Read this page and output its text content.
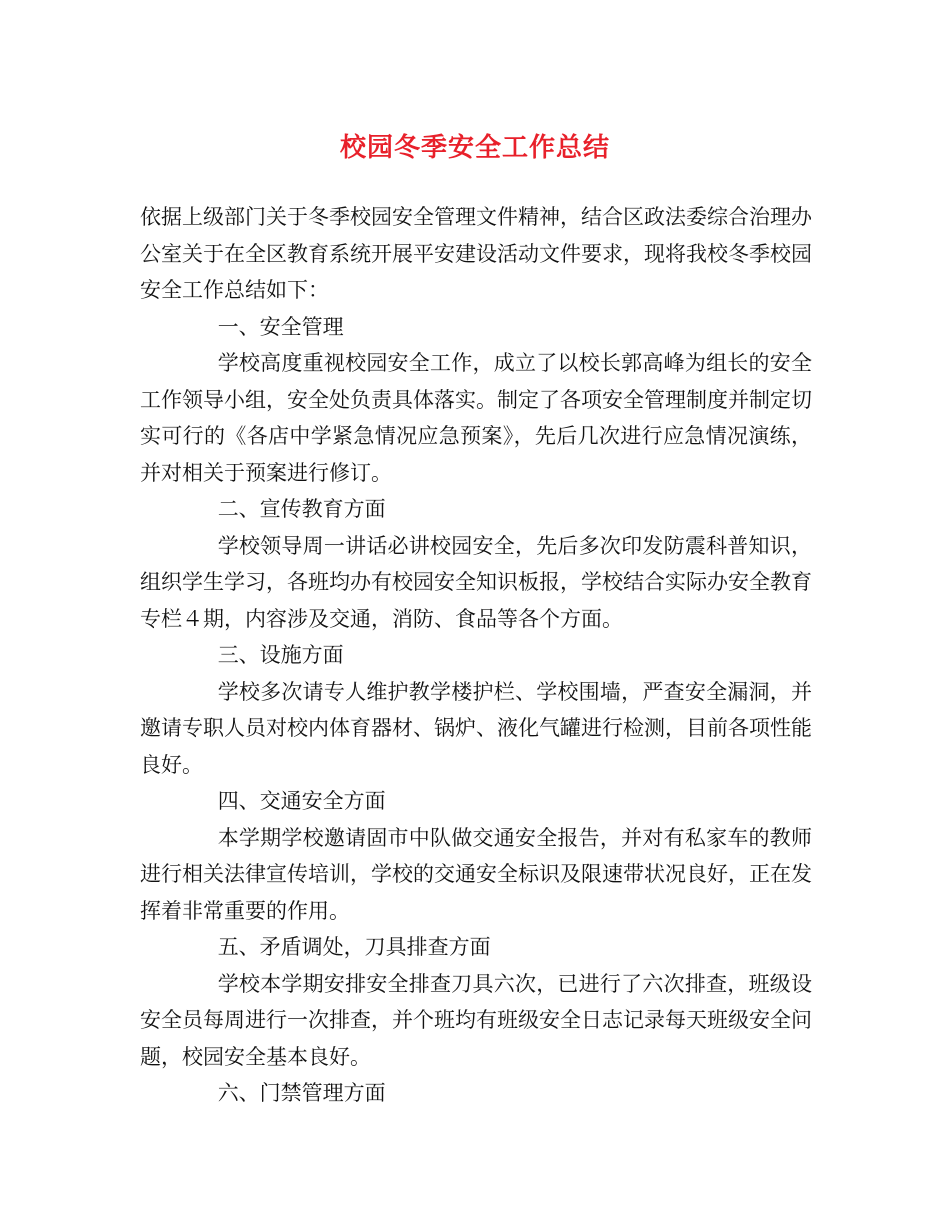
校园冬季安全工作总结

依据上级部门关于冬季校园安全管理文件精神，结合区政法委综合治理办公室关于在全区教育系统开展平安建设活动文件要求，现将我校冬季校园安全工作总结如下：

一、安全管理

学校高度重视校园安全工作，成立了以校长郭高峰为组长的安全工作领导小组，安全处负责具体落实。制定了各项安全管理制度并制定切实可行的《各店中学紧急情况应急预案》，先后几次进行应急情况演练，并对相关于预案进行修订。

二、宣传教育方面

学校领导周一讲话必讲校园安全，先后多次印发防震科普知识，组织学生学习，各班均办有校园安全知识板报，学校结合实际办安全教育专栏４期，内容涉及交通，消防、食品等各个方面。

三、设施方面

学校多次请专人维护教学楼护栏、学校围墙，严查安全漏洞，并邀请专职人员对校内体育器材、锅炉、液化气罐进行检测，目前各项性能良好。

四、交通安全方面

本学期学校邀请固市中队做交通安全报告，并对有私家车的教师进行相关法律宣传培训，学校的交通安全标识及限速带状况良好，正在发挥着非常重要的作用。

五、矛盾调处，刀具排查方面

学校本学期安排安全排查刀具六次，已进行了六次排查，班级设安全员每周进行一次排查，并个班均有班级安全日志记录每天班级安全问题，校园安全基本良好。

六、门禁管理方面
